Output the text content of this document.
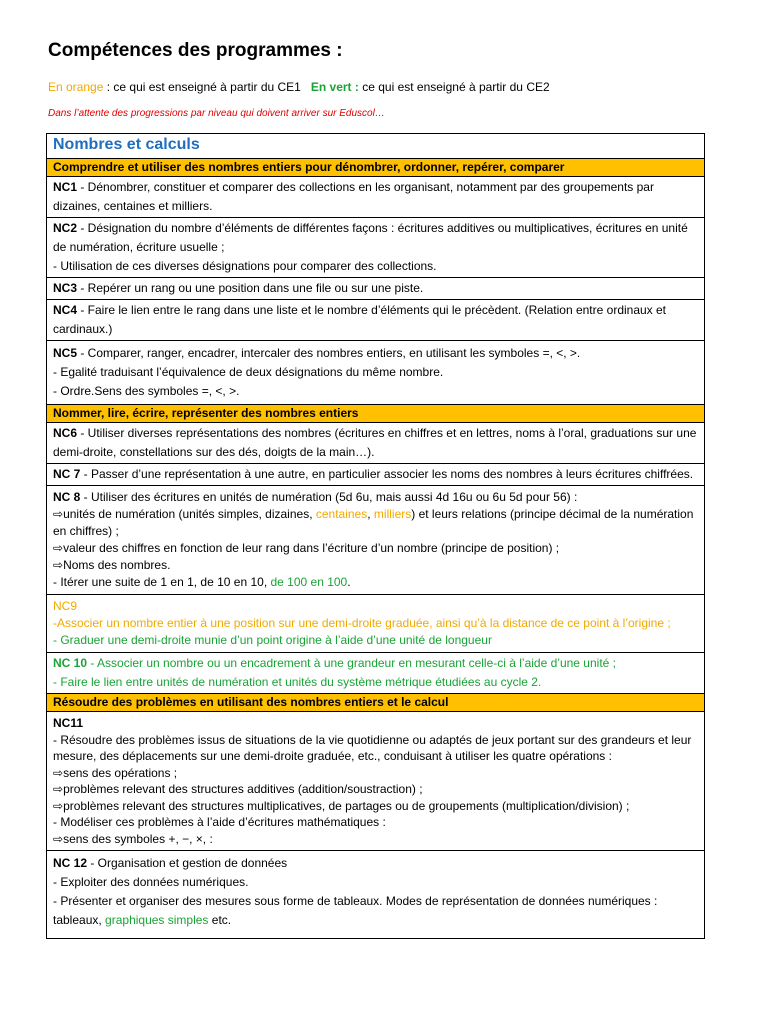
Compétences des programmes :
En orange : ce qui est enseigné à partir du CE1 En vert : ce qui est enseigné à partir du CE2
Dans l’attente des progressions par niveau qui doivent arriver sur Eduscol…
Nombres et calculs
Comprendre et utiliser des nombres entiers pour dénombrer, ordonner, repérer, comparer
NC1 - Dénombrer, constituer et comparer des collections en les organisant, notamment par des groupements par dizaines, centaines et milliers.
NC2 - Désignation du nombre d’éléments de différentes façons : écritures additives ou multiplicatives, écritures en unité de numération, écriture usuelle ;
- Utilisation de ces diverses désignations pour comparer des collections.
NC3 - Repérer un rang ou une position dans une file ou sur une piste.
NC4 - Faire le lien entre le rang dans une liste et le nombre d’éléments qui le précèdent. (Relation entre ordinaux et cardinaux.)
NC5 - Comparer, ranger, encadrer, intercaler des nombres entiers, en utilisant les symboles =, <, >.
- Egalité traduisant l’équivalence de deux désignations du même nombre.
- Ordre.Sens des symboles =, <, >.
Nommer, lire, écrire, représenter des nombres entiers
NC6 - Utiliser diverses représentations des nombres (écritures en chiffres et en lettres, noms à l’oral, graduations sur une demi-droite, constellations sur des dés, doigts de la main…).
NC 7 - Passer d’une représentation à une autre, en particulier associer les noms des nombres à leurs écritures chiffrées.
NC 8 - Utiliser des écritures en unités de numération (5d 6u, mais aussi 4d 16u ou 6u 5d pour 56) :
⇨unités de numération (unités simples, dizaines, centaines, milliers) et leurs relations (principe décimal de la numération en chiffres) ;
⇨valeur des chiffres en fonction de leur rang dans l’écriture d’un nombre (principe de position) ;
⇨Noms des nombres.
- Itérer une suite de 1 en 1, de 10 en 10, de 100 en 100.
NC9
-Associer un nombre entier à une position sur une demi-droite graduée, ainsi qu’à la distance de ce point à l’origine ;
- Graduer une demi-droite munie d’un point origine à l’aide d’une unité de longueur
NC 10 - Associer un nombre ou un encadrement à une grandeur en mesurant celle-ci à l’aide d’une unité ;
- Faire le lien entre unités de numération et unités du système métrique étudiées au cycle 2.
Résoudre des problèmes en utilisant des nombres entiers et le calcul
NC11
- Résoudre des problèmes issus de situations de la vie quotidienne ou adaptés de jeux portant sur des grandeurs et leur mesure, des déplacements sur une demi-droite graduée, etc., conduisant à utiliser les quatre opérations :
⇨sens des opérations ;
⇨problèmes relevant des structures additives (addition/soustraction) ;
⇨problèmes relevant des structures multiplicatives, de partages ou de groupements (multiplication/division) ;
- Modéliser ces problèmes à l’aide d’écritures mathématiques :
⇨sens des symboles +, −, ×, :
NC 12 - Organisation et gestion de données
- Exploiter des données numériques.
- Présenter et organiser des mesures sous forme de tableaux. Modes de représentation de données numériques : tableaux, graphiques simples etc.
